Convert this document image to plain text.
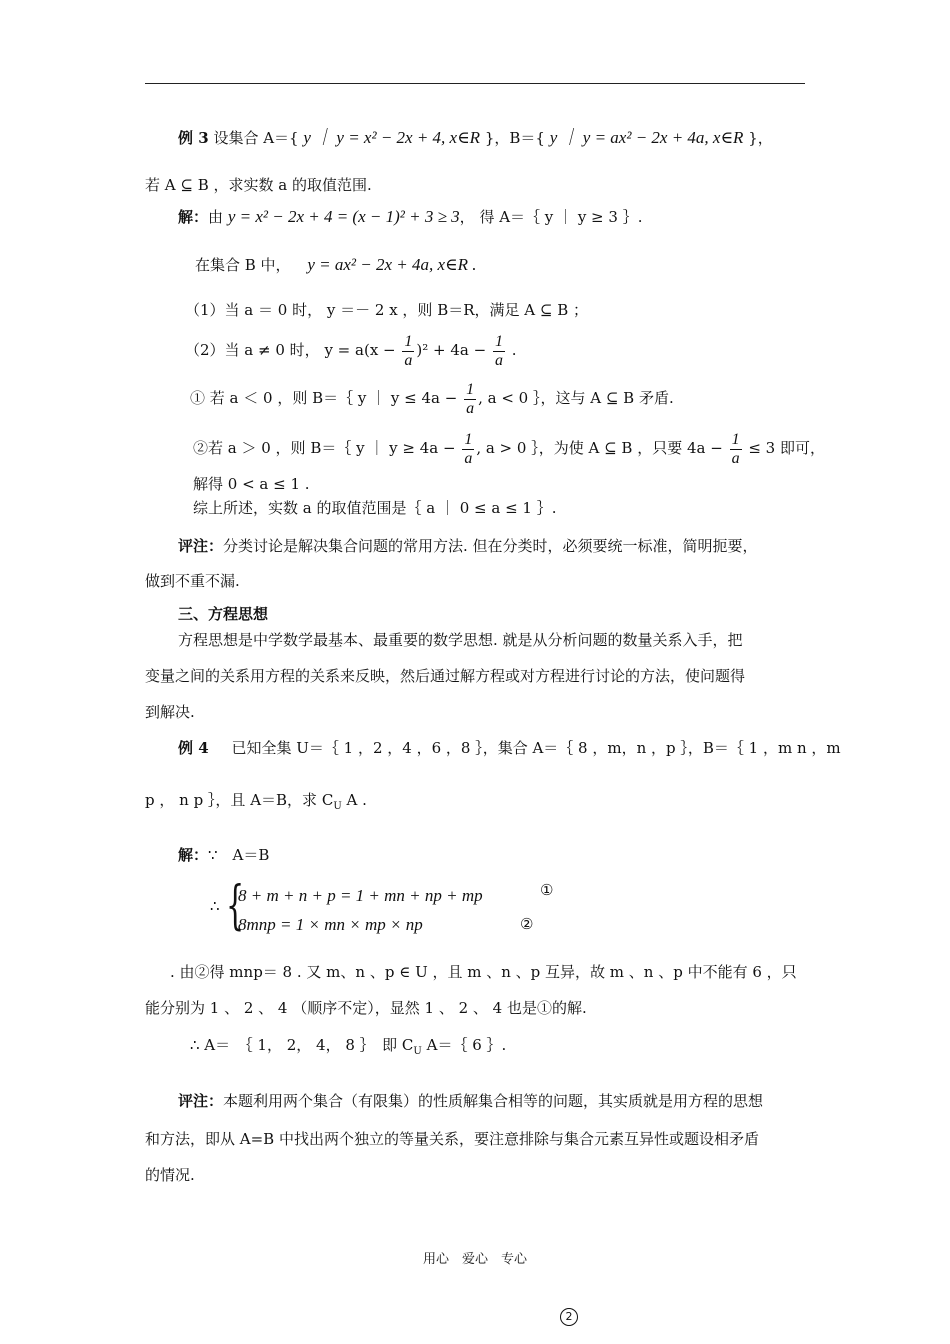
例 3 设集合 A＝{ y ｜ y = x² − 2x + 4, x∈R }，B＝{ y ｜ y = ax² − 2x + 4a, x∈R }，
若 A ⊆ B ，求实数 a 的取值范围.
解：由 y = x² − 2x + 4 = (x − 1)² + 3 ≥ 3， 得 A＝｛ y ｜ y ≥ 3 ｝.
在集合 B 中， y = ax² − 2x + 4a, x∈R .
（1）当 a ＝ 0 时， y ＝－ 2 x ，则 B＝R，满足 A ⊆ B ；
（2）当 a ≠ 0 时， $y = a(x - \frac{1}{a} )^2 + 4a - \frac{1}{a}$ .
① 若 a ＜ 0 ，则 B＝｛ y ｜ $y \le 4a - \frac{1}{a}$ , a < 0 ｝，这与 A ⊆ B 矛盾.
②若 a ＞ 0 ，则 B＝｛ y ｜ $y \ge 4a - \frac{1}{a}$ , a > 0 ｝，为使 A ⊆ B ，只要 $4a - \frac{1}{a} \le 3$ 即可，
解得 0 < a ≤ 1 .
综上所述，实数 a 的取值范围是｛ a ｜ 0 ≤ a ≤ 1 ｝.
评注：分类讨论是解决集合问题的常用方法. 但在分类时，必须要统一标准，简明扼要，
做到不重不漏.
三、方程思想
方程思想是中学数学最基本、最重要的数学思想. 就是从分析问题的数量关系入手，把
变量之间的关系用方程的关系来反映，然后通过解方程或对方程进行讨论的方法，使问题得
到解决.
例 4 已知全集 U＝｛ 1 ，2 ，4 ，6 ，8 ｝，集合 A＝｛ 8 ，m，n ，p ｝，B＝｛ 1 ，m n ，m
p ， n p ｝，且 A＝B，求 $C_U$ A .
解：∵　A＝B
∴ {
8 + m + n + p = 1 + mn + np + mp
8mnp = 1 × mn × mp × np
①
②
. 由②得 mnp＝ 8 . 又 m、n 、p ∈ U ，且 m 、n 、p 互异，故 m 、n 、p 中不能有 6 ，只
能分别为 1 、 2 、 4 （顺序不定），显然 1 、 2 、 4 也是①的解.
∴ A＝　｛ 1， 2， 4， 8 ｝　即 $C_U$ A＝｛ 6 ｝.
评注：本题利用两个集合（有限集）的性质解集合相等的问题，其实质就是用方程的思想
和方法，即从 A=B 中找出两个独立的等量关系，要注意排除与集合元素互异性或题设相矛盾
的情况.
用心　爱心　专心
2
